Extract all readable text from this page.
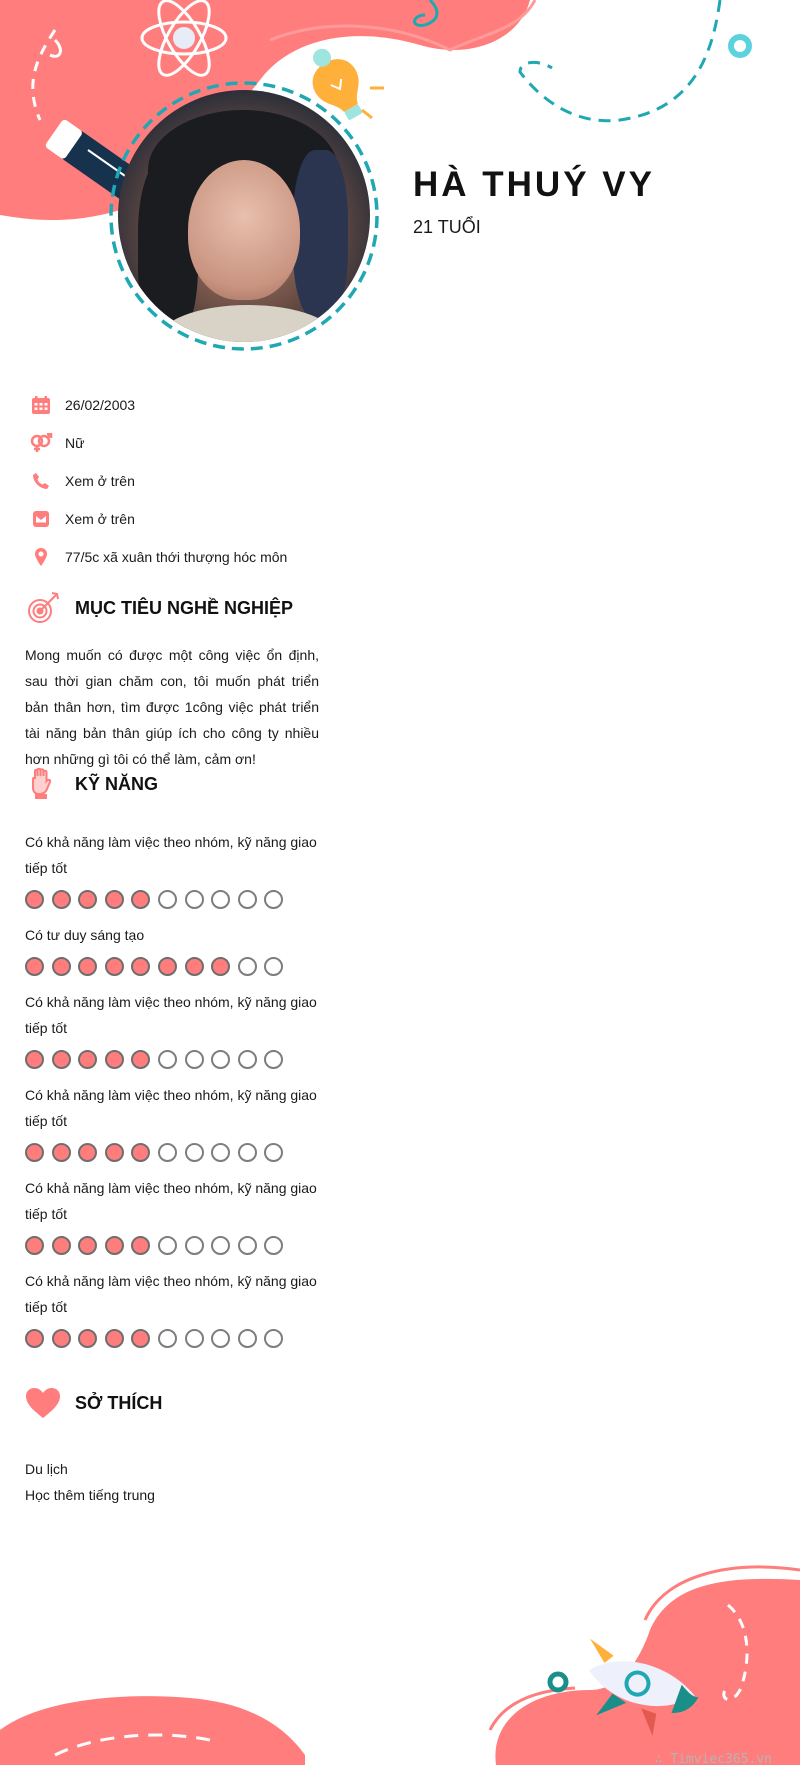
HÀ THUÝ VY
21 TUỔI
26/02/2003
Nữ
Xem ở trên
Xem ở trên
77/5c xã xuân thới thượng hóc môn
MỤC TIÊU NGHỀ NGHIỆP

Mong muốn có được một công việc ổn định, sau thời gian chăm con, tôi muốn phát triển bản thân hơn, tìm được 1công việc phát triển tài năng bản thân giúp ích cho công ty nhiều hơn những gì tôi có thể làm, cảm ơn!

KỸ NĂNG
Có khả năng làm việc theo nhóm, kỹ năng giao tiếp tốt
Có tư duy sáng tạo
Có khả năng làm việc theo nhóm, kỹ năng giao tiếp tốt
Có khả năng làm việc theo nhóm, kỹ năng giao tiếp tốt
Có khả năng làm việc theo nhóm, kỹ năng giao tiếp tốt
Có khả năng làm việc theo nhóm, kỹ năng giao tiếp tốt
SỞ THÍCH
Du lịch
Học thêm tiếng trung
∴ Timviec365.vn
